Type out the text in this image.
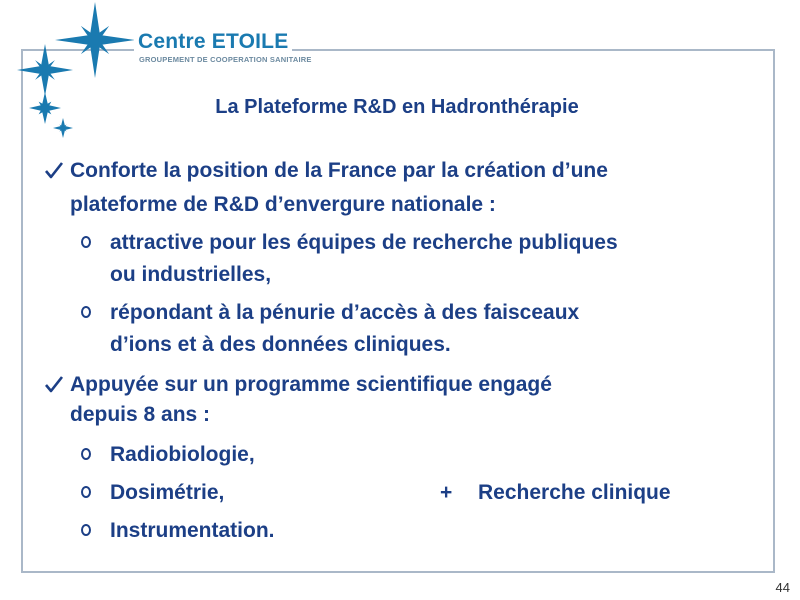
Centre ETOILE
GROUPEMENT DE COOPERATION SANITAIRE
La Plateforme R&D en Hadronthérapie
Conforte la position de la France par la création d’une
plateforme de R&D d’envergure nationale :
attractive pour les équipes de recherche publiques
ou industrielles,
répondant à la pénurie d’accès à des faisceaux
d’ions et à des données cliniques.
Appuyée sur un programme scientifique engagé
depuis 8 ans :
Radiobiologie,
Dosimétrie,
Instrumentation.
+ Recherche clinique
44
